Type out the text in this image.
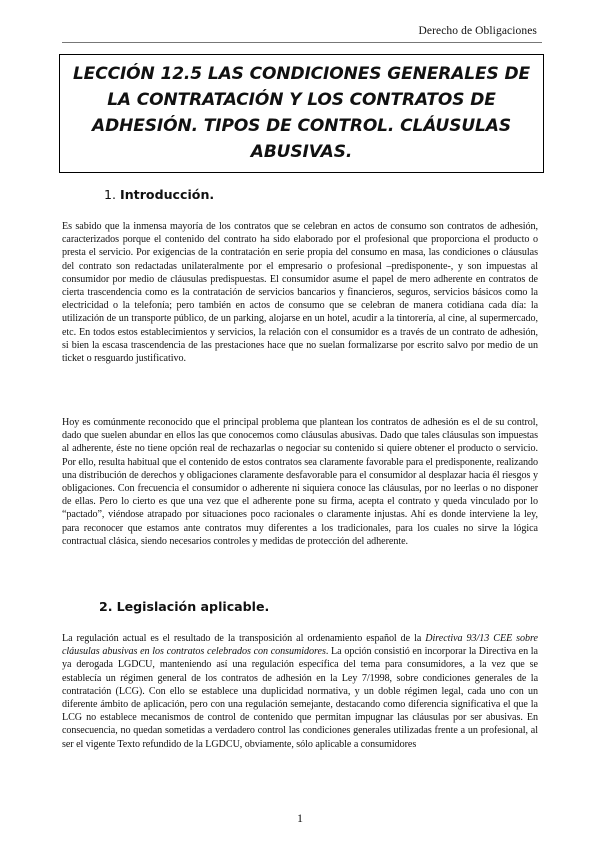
Derecho de Obligaciones
LECCIÓN 12.5 LAS CONDICIONES GENERALES DE
LA CONTRATACIÓN Y LOS CONTRATOS DE
ADHESIÓN. TIPOS DE CONTROL. CLÁUSULAS
ABUSIVAS.
1. Introducción.
Es sabido que la inmensa mayoría de los contratos que se celebran en actos de consumo son contratos de adhesión, caracterizados porque el contenido del contrato ha sido elaborado por el profesional que proporciona el producto o presta el servicio. Por exigencias de la contratación en serie propia del consumo en masa, las condiciones o cláusulas del contrato son redactadas unilateralmente por el empresario o profesional –predisponente-, y son impuestas al consumidor por medio de cláusulas predispuestas. El consumidor asume el papel de mero adherente en contratos de cierta trascendencia como es la contratación de servicios bancarios y financieros, seguros, servicios básicos como la electricidad o la telefonía; pero también en actos de consumo que se celebran de manera cotidiana cada día: la utilización de un transporte público, de un parking, alojarse en un hotel, acudir a la tintorería, al cine, al supermercado, etc. En todos estos establecimientos y servicios, la relación con el consumidor es a través de un contrato de adhesión, si bien la escasa trascendencia de las prestaciones hace que no suelan formalizarse por escrito salvo por medio de un ticket o resguardo justificativo.
Hoy es comúnmente reconocido que el principal problema que plantean los contratos de adhesión es el de su control, dado que suelen abundar en ellos las que conocemos como cláusulas abusivas. Dado que tales cláusulas son impuestas al adherente, éste no tiene opción real de rechazarlas o negociar su contenido si quiere obtener el producto o servicio. Por ello, resulta habitual que el contenido de estos contratos sea claramente favorable para el predisponente, realizando una distribución de derechos y obligaciones claramente desfavorable para el consumidor al desplazar hacia él riesgos y obligaciones. Con frecuencia el consumidor o adherente ni siquiera conoce las cláusulas, por no leerlas o no disponer de ellas. Pero lo cierto es que una vez que el adherente pone su firma, acepta el contrato y queda vinculado por lo “pactado”, viéndose atrapado por situaciones poco racionales o claramente injustas. Ahí es donde interviene la ley, para reconocer que estamos ante contratos muy diferentes a los tradicionales, para los cuales no sirve la lógica contractual clásica, siendo necesarios controles y medidas de protección del adherente.
2. Legislación aplicable.
La regulación actual es el resultado de la transposición al ordenamiento español de la Directiva 93/13 CEE sobre cláusulas abusivas en los contratos celebrados con consumidores. La opción consistió en incorporar la Directiva en la ya derogada LGDCU, manteniendo así una regulación específica del tema para consumidores, a la vez que se establecía un régimen general de los contratos de adhesión en la Ley 7/1998, sobre condiciones generales de la contratación (LCG). Con ello se establece una duplicidad normativa, y un doble régimen legal, cada uno con un diferente ámbito de aplicación, pero con una regulación semejante, destacando como diferencia significativa el que la LCG no establece mecanismos de control de contenido que permitan impugnar las cláusulas por ser abusivas. En consecuencia, no quedan sometidas a verdadero control las condiciones generales utilizadas frente a un profesional, al ser el vigente Texto refundido de la LGDCU, obviamente, sólo aplicable a consumidores
1
